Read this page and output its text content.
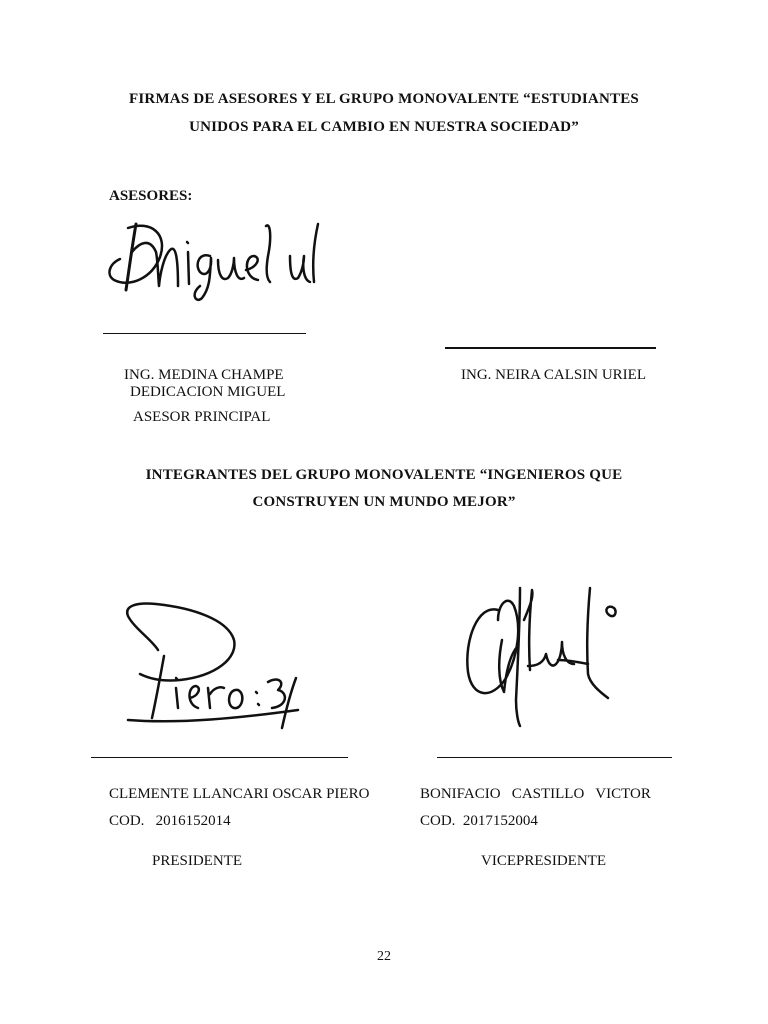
FIRMAS DE ASESORES Y EL GRUPO MONOVALENTE “ESTUDIANTES
UNIDOS PARA EL CAMBIO EN NUESTRA SOCIEDAD”
ASESORES:
ING. MEDINA CHAMPE
DEDICACION MIGUEL
ASESOR PRINCIPAL
ING. NEIRA CALSIN URIEL
INTEGRANTES DEL GRUPO MONOVALENTE “INGENIEROS QUE
CONSTRUYEN UN MUNDO MEJOR”
CLEMENTE LLANCARI OSCAR PIERO
COD.   2016152014
PRESIDENTE
BONIFACIO   CASTILLO   VICTOR
COD.  2017152004
VICEPRESIDENTE
22
